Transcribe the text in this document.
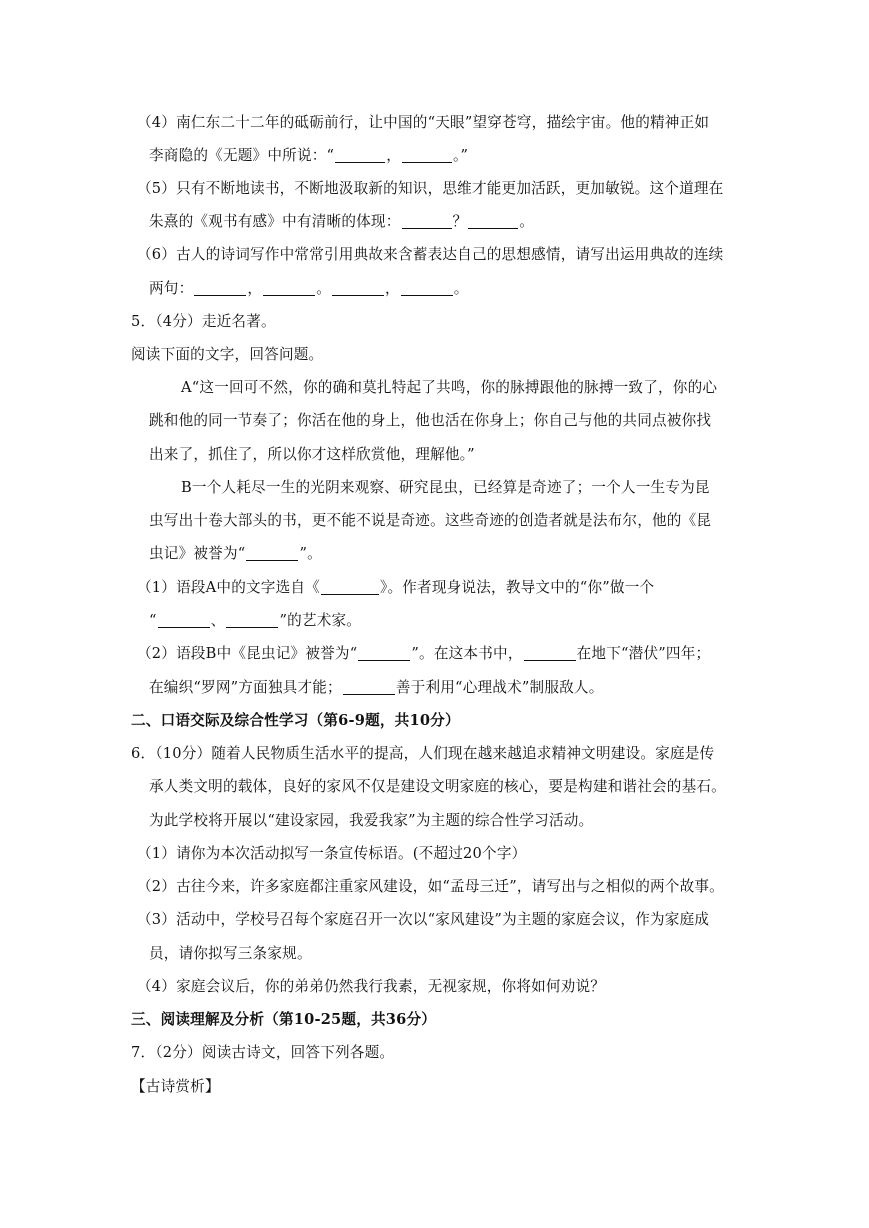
（4）南仁东二十二年的砥砺前行，让中国的“天眼”望穿苍穹，描绘宇宙。他的精神正如
李商隐的《无题》中所说：“	，	。”
（5）只有不断地读书，不断地汲取新的知识，思维才能更加活跃，更加敏锐。这个道理在
朱熹的《观书有感》中有清晰的体现：	？	。
（6）古人的诗词写作中常常引用典故来含蓄表达自己的思想感情，请写出运用典故的连续
两句：	，	。	，	。
5．（4分）走近名著。
阅读下面的文字，回答问题。
A“这一回可不然，你的确和莫扎特起了共鸣，你的脉搏跟他的脉搏一致了，你的心
跳和他的同一节奏了；你活在他的身上，他也活在你身上；你自己与他的共同点被你找
出来了，抓住了，所以你才这样欣赏他，理解他。”
B一个人耗尽一生的光阴来观察、研究昆虫，已经算是奇迹了；一个人一生专为昆
虫写出十卷大部头的书，更不能不说是奇迹。这些奇迹的创造者就是法布尔，他的《昆
虫记》被誉为“	”。
（1）语段A中的文字选自《	》。作者现身说法，教导文中的“你”做一个
“	、	”的艺术家。
（2）语段B中《昆虫记》被誉为“	”。在这本书中，	在地下“潜伏”四年；
在编织“罗网”方面独具才能；	善于利用“心理战术”制服敌人。
二、口语交际及综合性学习（第6-9题，共10分）
6．（10分）随着人民物质生活水平的提高，人们现在越来越追求精神文明建设。家庭是传
承人类文明的载体，良好的家风不仅是建设文明家庭的核心，要是构建和谐社会的基石。
为此学校将开展以“建设家园，我爱我家”为主题的综合性学习活动。
（1）请你为本次活动拟写一条宣传标语。(不超过20个字）
（2）古往今来，许多家庭都注重家风建设，如“孟母三迁”，请写出与之相似的两个故事。
（3）活动中，学校号召每个家庭召开一次以“家风建设”为主题的家庭会议，作为家庭成
员，请你拟写三条家规。
（4）家庭会议后，你的弟弟仍然我行我素，无视家规，你将如何劝说？
三、阅读理解及分析（第10-25题，共36分）
7．（2分）阅读古诗文，回答下列各题。
【古诗赏析】
